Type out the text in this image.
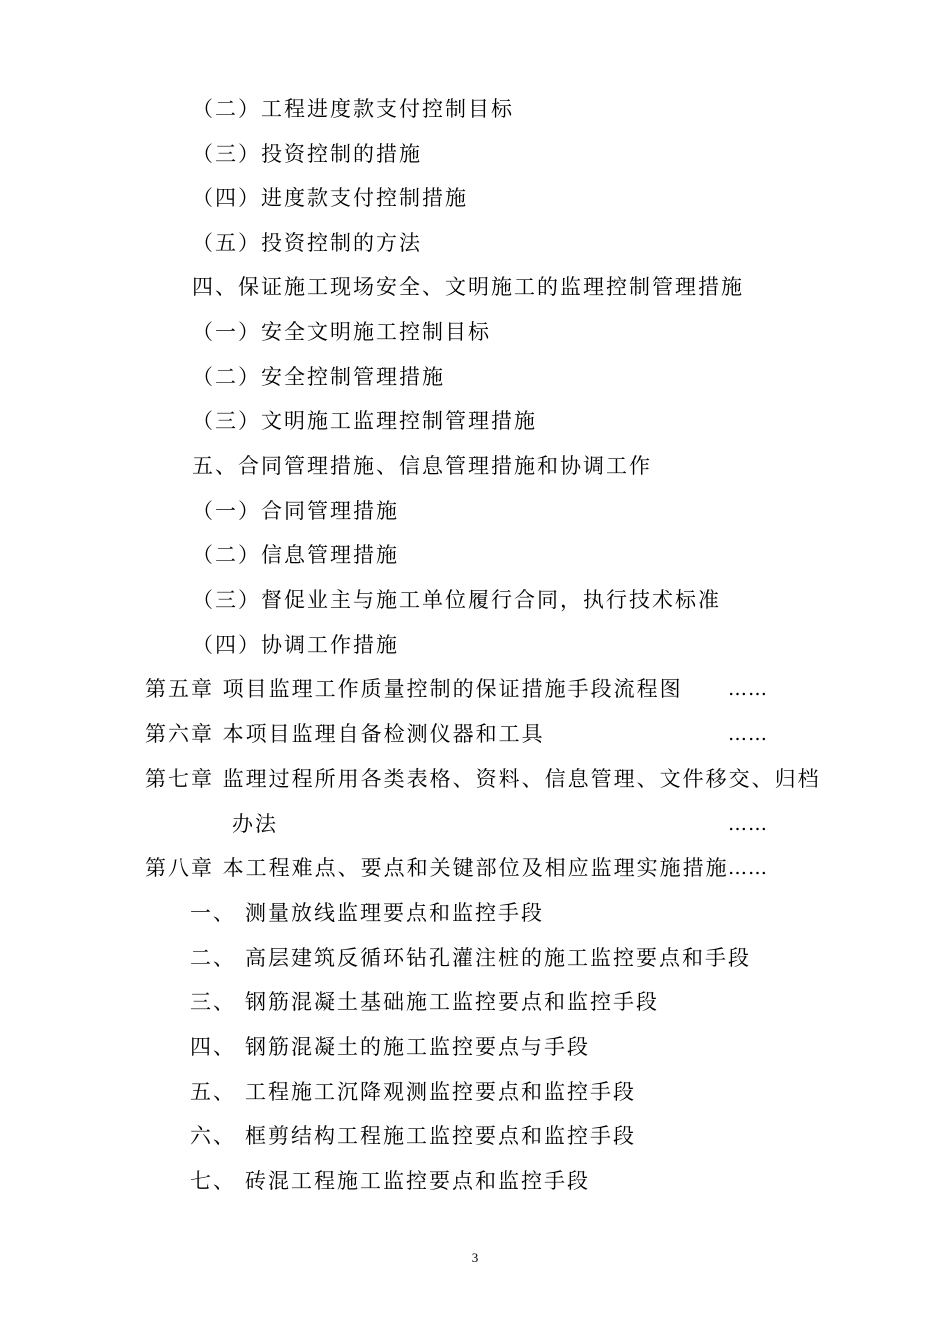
（二）工程进度款支付控制目标
（三）投资控制的措施
（四）进度款支付控制措施
（五）投资控制的方法
四、保证施工现场安全、文明施工的监理控制管理措施
（一）安全文明施工控制目标
（二）安全控制管理措施
（三）文明施工监理控制管理措施
五、合同管理措施、信息管理措施和协调工作
（一）合同管理措施
（二）信息管理措施
（三）督促业主与施工单位履行合同，执行技术标准
（四）协调工作措施
第五章 项目监理工作质量控制的保证措施手段流程图 ……
第六章 本项目监理自备检测仪器和工具	……
第七章 监理过程所用各类表格、资料、信息管理、文件移交、归档
办法	……
第八章 本工程难点、要点和关键部位及相应监理实施措施 ……
一、 测量放线监理要点和监控手段
二、 高层建筑反循环钻孔灌注桩的施工监控要点和手段
三、 钢筋混凝土基础施工监控要点和监控手段
四、 钢筋混凝土的施工监控要点与手段
五、 工程施工沉降观测监控要点和监控手段
六、 框剪结构工程施工监控要点和监控手段
七、 砖混工程施工监控要点和监控手段
3
